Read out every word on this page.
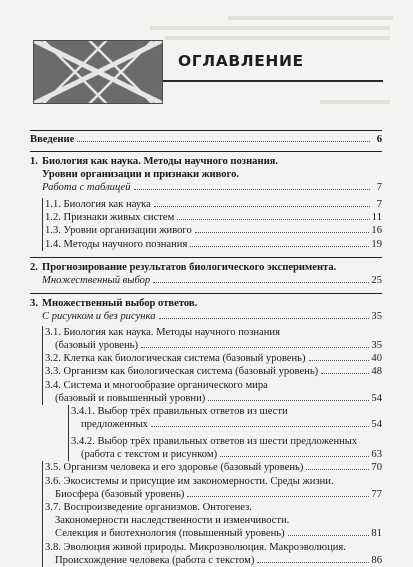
ОГЛАВЛЕНИЕ
Введение	6
1. Биология как наука. Методы научного познания.
Уровни организации и признаки живого.
Работа с таблицей	7
1.1. Биология как наука	7
1.2. Признаки живых систем	11
1.3. Уровни организации живого	16
1.4. Методы научного познания	19
2. Прогнозирование результатов биологического эксперимента.
Множественный выбор	25
3. Множественный выбор ответов.
С рисунком и без рисунка	35
3.1. Биология как наука. Методы научного познания
(базовый уровень)	35
3.2. Клетка как биологическая система (базовый уровень)	40
3.3. Организм как биологическая система (базовый уровень)	48
3.4. Система и многообразие органического мира
(базовый и повышенный уровни)	54
3.4.1. Выбор трёх правильных ответов из шести
предложенных	54
3.4.2. Выбор трёх правильных ответов из шести предложенных
(работа с текстом и рисунком)	63
3.5. Организм человека и его здоровье (базовый уровень)	70
3.6. Экосистемы и присущие им закономерности. Среды жизни.
Биосфера (базовый уровень)	77
3.7. Воспроизведение организмов. Онтогенез.
Закономерности наследственности и изменчивости.
Селекция и биотехнология (повышенный уровень)	81
3.8. Эволюция живой природы. Микроэволюция. Макроэволюция.
Происхождение человека (работа с текстом)	86
